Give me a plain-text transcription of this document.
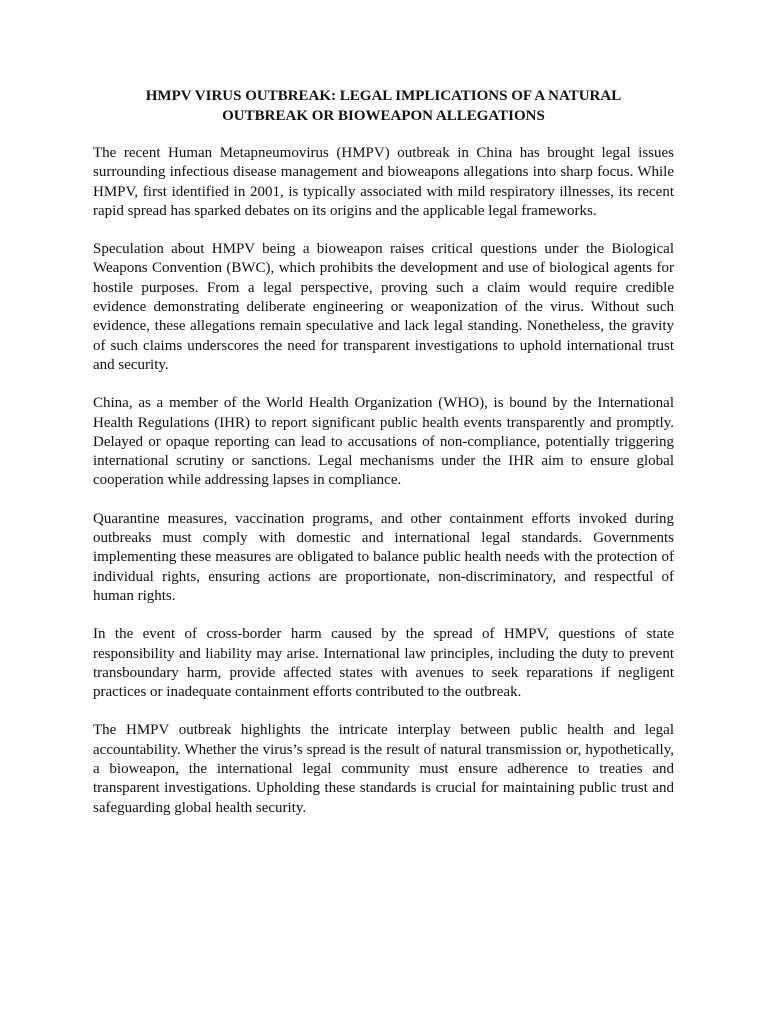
HMPV VIRUS OUTBREAK: LEGAL IMPLICATIONS OF A NATURAL
OUTBREAK OR BIOWEAPON ALLEGATIONS

The recent Human Metapneumovirus (HMPV) outbreak in China has brought legal issues surrounding infectious disease management and bioweapons allegations into sharp focus. While HMPV, first identified in 2001, is typically associated with mild respiratory illnesses, its recent rapid spread has sparked debates on its origins and the applicable legal frameworks.

Speculation about HMPV being a bioweapon raises critical questions under the Biological Weapons Convention (BWC), which prohibits the development and use of biological agents for hostile purposes. From a legal perspective, proving such a claim would require credible evidence demonstrating deliberate engineering or weaponization of the virus. Without such evidence, these allegations remain speculative and lack legal standing. Nonetheless, the gravity of such claims underscores the need for transparent investigations to uphold international trust and security.

China, as a member of the World Health Organization (WHO), is bound by the International Health Regulations (IHR) to report significant public health events transparently and promptly. Delayed or opaque reporting can lead to accusations of non-compliance, potentially triggering international scrutiny or sanctions. Legal mechanisms under the IHR aim to ensure global cooperation while addressing lapses in compliance.

Quarantine measures, vaccination programs, and other containment efforts invoked during outbreaks must comply with domestic and international legal standards. Governments implementing these measures are obligated to balance public health needs with the protection of individual rights, ensuring actions are proportionate, non-discriminatory, and respectful of human rights.

In the event of cross-border harm caused by the spread of HMPV, questions of state responsibility and liability may arise. International law principles, including the duty to prevent transboundary harm, provide affected states with avenues to seek reparations if negligent practices or inadequate containment efforts contributed to the outbreak.

The HMPV outbreak highlights the intricate interplay between public health and legal accountability. Whether the virus’s spread is the result of natural transmission or, hypothetically, a bioweapon, the international legal community must ensure adherence to treaties and transparent investigations. Upholding these standards is crucial for maintaining public trust and safeguarding global health security.
